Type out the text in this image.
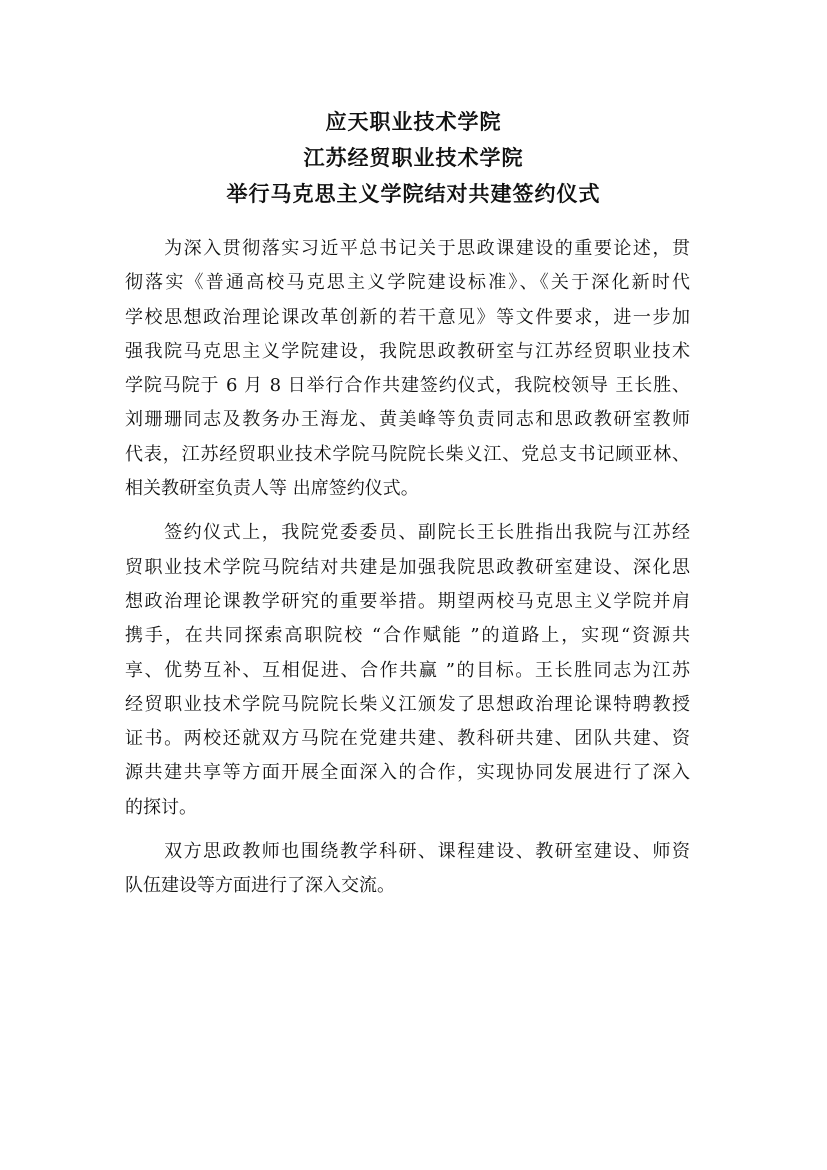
应天职业技术学院
江苏经贸职业技术学院
举行马克思主义学院结对共建签约仪式
　　为深入贯彻落实习近平总书记关于思政课建设的重要论述，贯
彻落实《普通高校马克思主义学院建设标准》、《关于深化新时代
学校思想政治理论课改革创新的若干意见》等文件要求，进一步加
强我院马克思主义学院建设，我院思政教研室与江苏经贸职业技术
学院马院于 6 月 8 日举行合作共建签约仪式，我院校领导 王长胜、
刘珊珊同志及教务办王海龙、黄美峰等负责同志和思政教研室教师
代表，江苏经贸职业技术学院马院院长柴义江、党总支书记顾亚林、
相关教研室负责人等 出席签约仪式。
　　签约仪式上，我院党委委员、副院长王长胜指出我院与江苏经
贸职业技术学院马院结对共建是加强我院思政教研室建设、深化思
想政治理论课教学研究的重要举措。期望两校马克思主义学院并肩
携手，在共同探索高职院校 “合作赋能 ”的道路上，实现“资源共
享、优势互补、互相促进、合作共赢 ”的目标。王长胜同志为江苏
经贸职业技术学院马院院长柴义江颁发了思想政治理论课特聘教授
证书。两校还就双方马院在党建共建、教科研共建、团队共建、资
源共建共享等方面开展全面深入的合作，实现协同发展进行了深入
的探讨。
　　双方思政教师也围绕教学科研、课程建设、教研室建设、师资
队伍建设等方面进行了深入交流。
